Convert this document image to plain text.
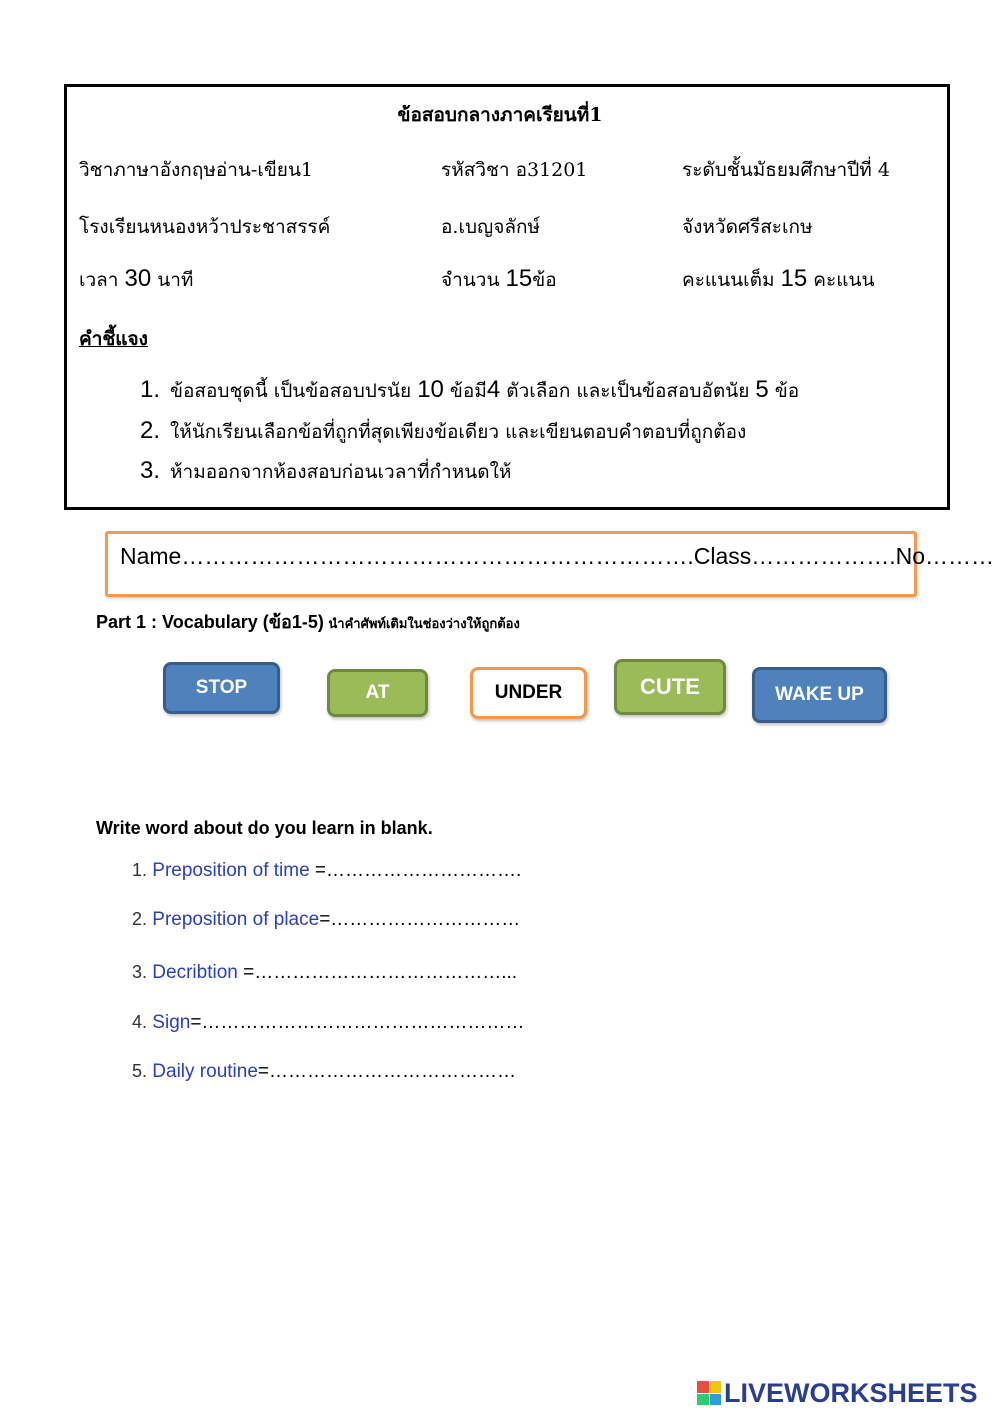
ข้อสอบกลางภาคเรียนที่1
วิชาภาษาอังกฤษอ่าน-เขียน1	รหัสวิชา อ31201	ระดับชั้นมัธยมศึกษาปีที่ 4
โรงเรียนหนองหว้าประชาสรรค์	อ.เบญจลักษ์	จังหวัดศรีสะเกษ
เวลา 30 นาที	จำนวน 15ข้อ	คะแนนเต็ม 15 คะแนน
คำชี้แจง
1. ข้อสอบชุดนี้ เป็นข้อสอบปรนัย 10 ข้อมี4 ตัวเลือก และเป็นข้อสอบอัตนัย 5 ข้อ
2. ให้นักเรียนเลือกข้อที่ถูกที่สุดเพียงข้อเดียว และเขียนตอบคำตอบที่ถูกต้อง
3. ห้ามออกจากห้องสอบก่อนเวลาที่กำหนดให้
Name………………………………………………………….Class……………….No………
Part 1 : Vocabulary (ข้อ1-5) นำคำศัพท์เติมในช่องว่างให้ถูกต้อง
STOP	AT	UNDER	CUTE	WAKE UP
Write word about do you learn in blank.
1. Preposition of time =………………………….
2. Preposition of place=…………………………
3. Decribtion =…………………………………...
4. Sign=……………………………………………
5. Daily routine=…………………………………
LIVEWORKSHEETS
